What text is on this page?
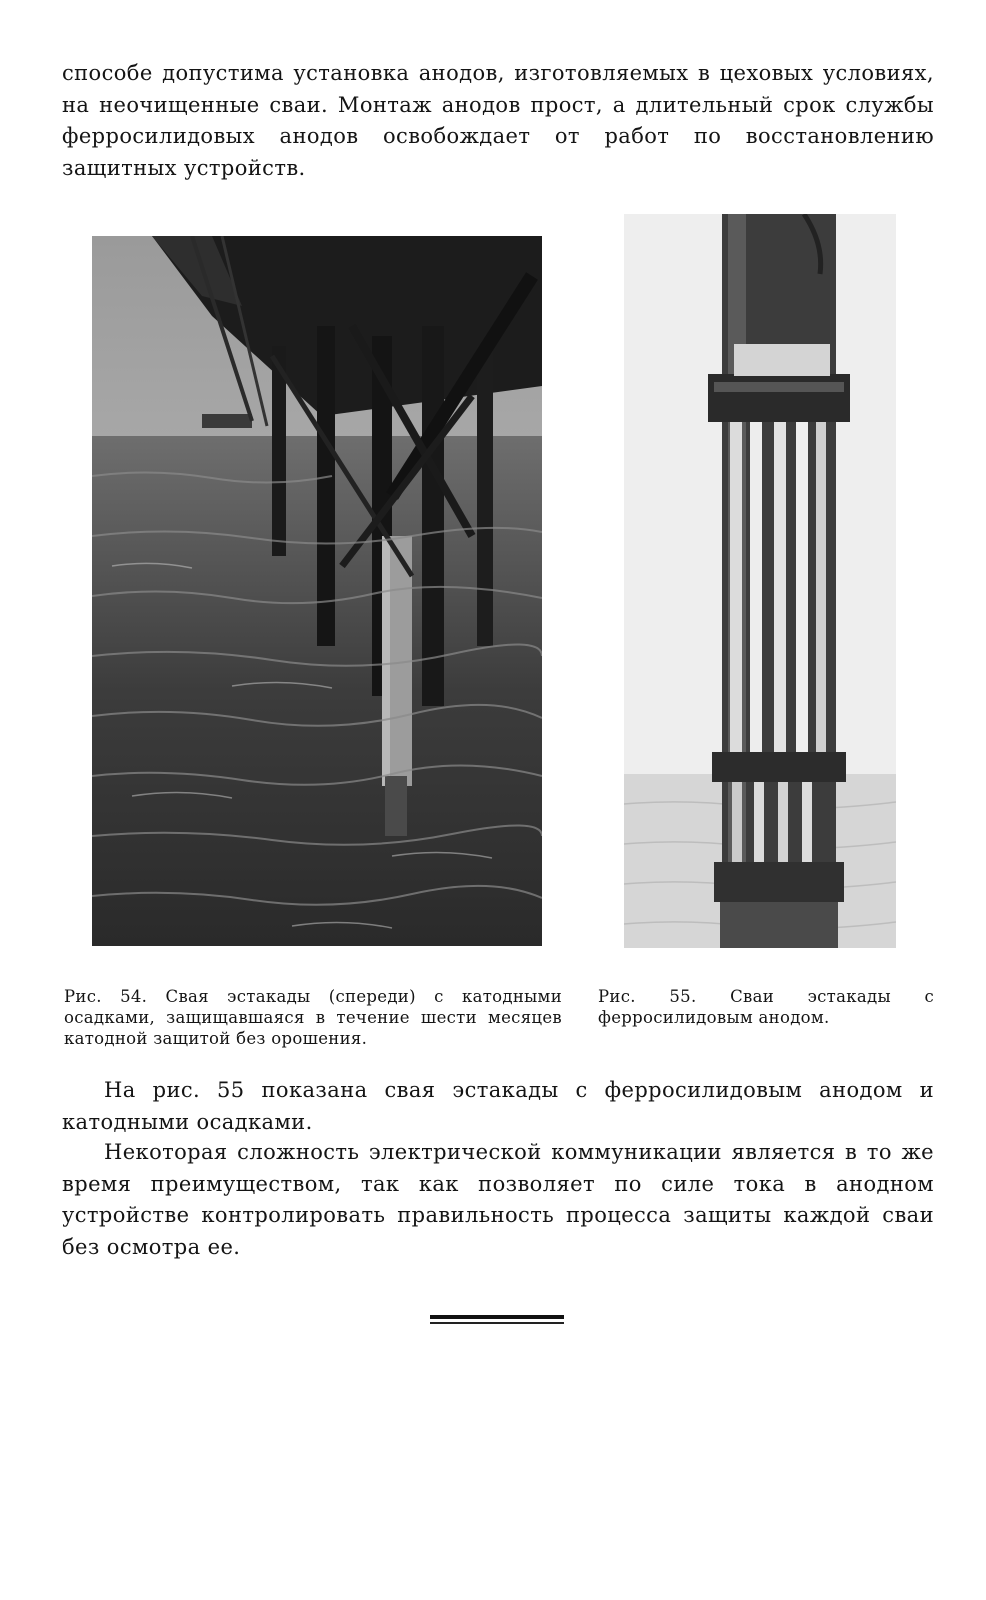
способе допустима установка анодов, изготовляемых в цеховых условиях, на неочищенные сваи. Монтаж анодов прост, а длительный срок службы ферросилидовых анодов освобождает от работ по восстановлению защитных устройств.

Рис. 54. Свая эстакады (спереди) с катодными осадками, защищавшаяся в течение шести месяцев катодной защитой без орошения.

Рис. 55. Сваи эстакады с ферросилидовым анодом.

На рис. 55 показана свая эстакады с ферросилидовым анодом и катодными осадками.

Некоторая сложность электрической коммуникации является в то же время преимуществом, так как позволяет по силе тока в анодном устройстве контролировать правильность процесса защиты каждой сваи без осмотра ее.
